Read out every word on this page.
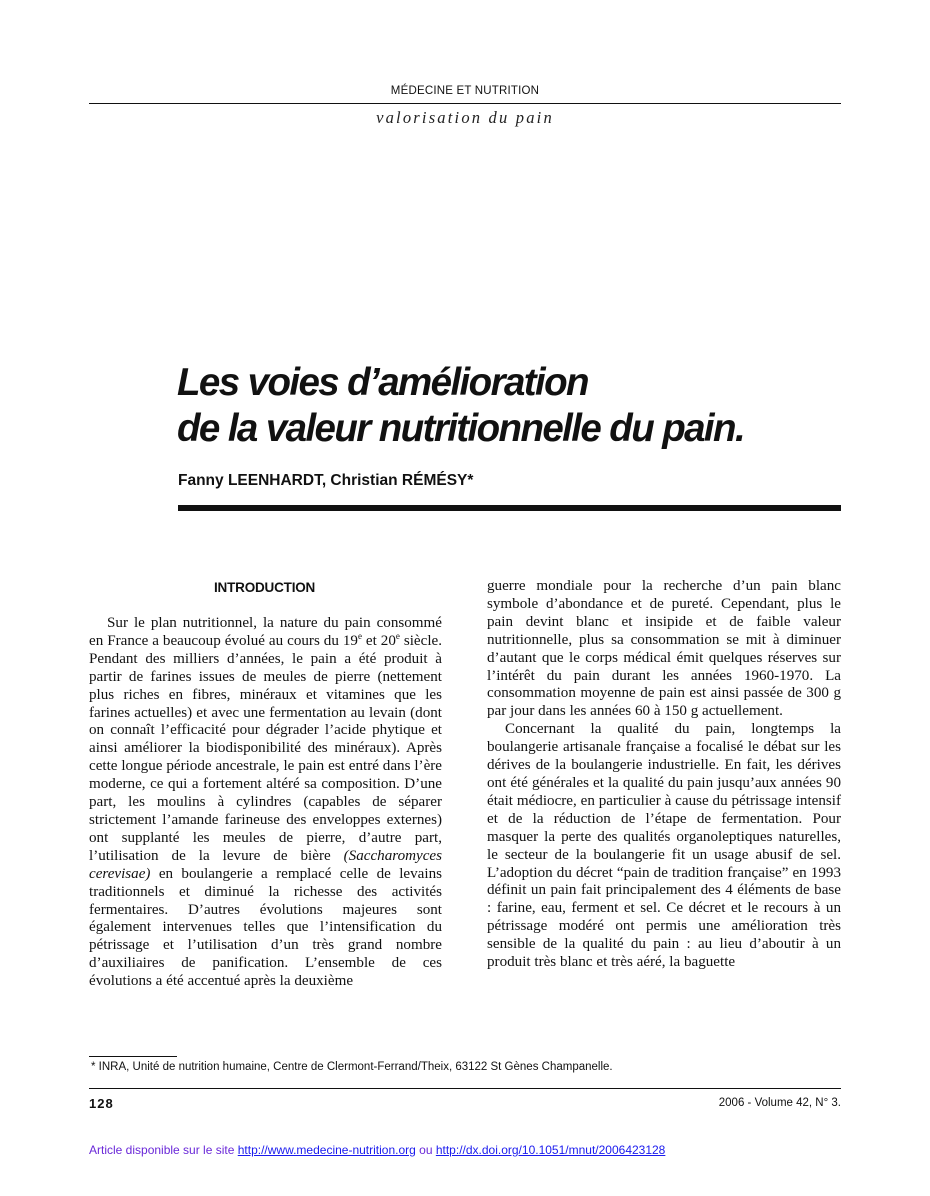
MÉDECINE ET NUTRITION
valorisation du pain
Les voies d’amélioration
de la valeur nutritionnelle du pain.
Fanny LEENHARDT, Christian RÉMÉSY*
INTRODUCTION

Sur le plan nutritionnel, la nature du pain consommé en France a beaucoup évolué au cours du 19e et 20e siècle. Pendant des milliers d’années, le pain a été produit à partir de farines issues de meules de pierre (nettement plus riches en fibres, minéraux et vitamines que les farines actuelles) et avec une fermentation au levain (dont on connaît l’efficacité pour dégrader l’acide phytique et ainsi améliorer la biodisponibilité des minéraux). Après cette longue période ancestrale, le pain est entré dans l’ère moderne, ce qui a fortement altéré sa composition. D’une part, les moulins à cylindres (capables de séparer strictement l’amande farineuse des enveloppes externes) ont supplanté les meules de pierre, d’autre part, l’utilisation de la levure de bière (Saccharomyces cerevisae) en boulangerie a remplacé celle de levains traditionnels et diminué la richesse des activités fermentaires. D’autres évolutions majeures sont également intervenues telles que l’intensification du pétrissage et l’utilisation d’un très grand nombre d’auxiliaires de panification. L’ensemble de ces évolutions a été accentué après la deuxième

guerre mondiale pour la recherche d’un pain blanc symbole d’abondance et de pureté. Cependant, plus le pain devint blanc et insipide et de faible valeur nutritionnelle, plus sa consommation se mit à diminuer d’autant que le corps médical émit quelques réserves sur l’intérêt du pain durant les années 1960-1970. La consommation moyenne de pain est ainsi passée de 300 g par jour dans les années 60 à 150 g actuellement.

Concernant la qualité du pain, longtemps la boulangerie artisanale française a focalisé le débat sur les dérives de la boulangerie industrielle. En fait, les dérives ont été générales et la qualité du pain jusqu’aux années 90 était médiocre, en particulier à cause du pétrissage intensif et de la réduction de l’étape de fermentation. Pour masquer la perte des qualités organoleptiques naturelles, le secteur de la boulangerie fit un usage abusif de sel. L’adoption du décret “pain de tradition française” en 1993 définit un pain fait principalement des 4 éléments de base : farine, eau, ferment et sel. Ce décret et le recours à un pétrissage modéré ont permis une amélioration très sensible de la qualité du pain : au lieu d’aboutir à un produit très blanc et très aéré, la baguette

* INRA, Unité de nutrition humaine, Centre de Clermont-Ferrand/Theix, 63122 St Gènes Champanelle.
128	2006 - Volume 42, N° 3.
Article disponible sur le site http://www.medecine-nutrition.org ou http://dx.doi.org/10.1051/mnut/2006423128
